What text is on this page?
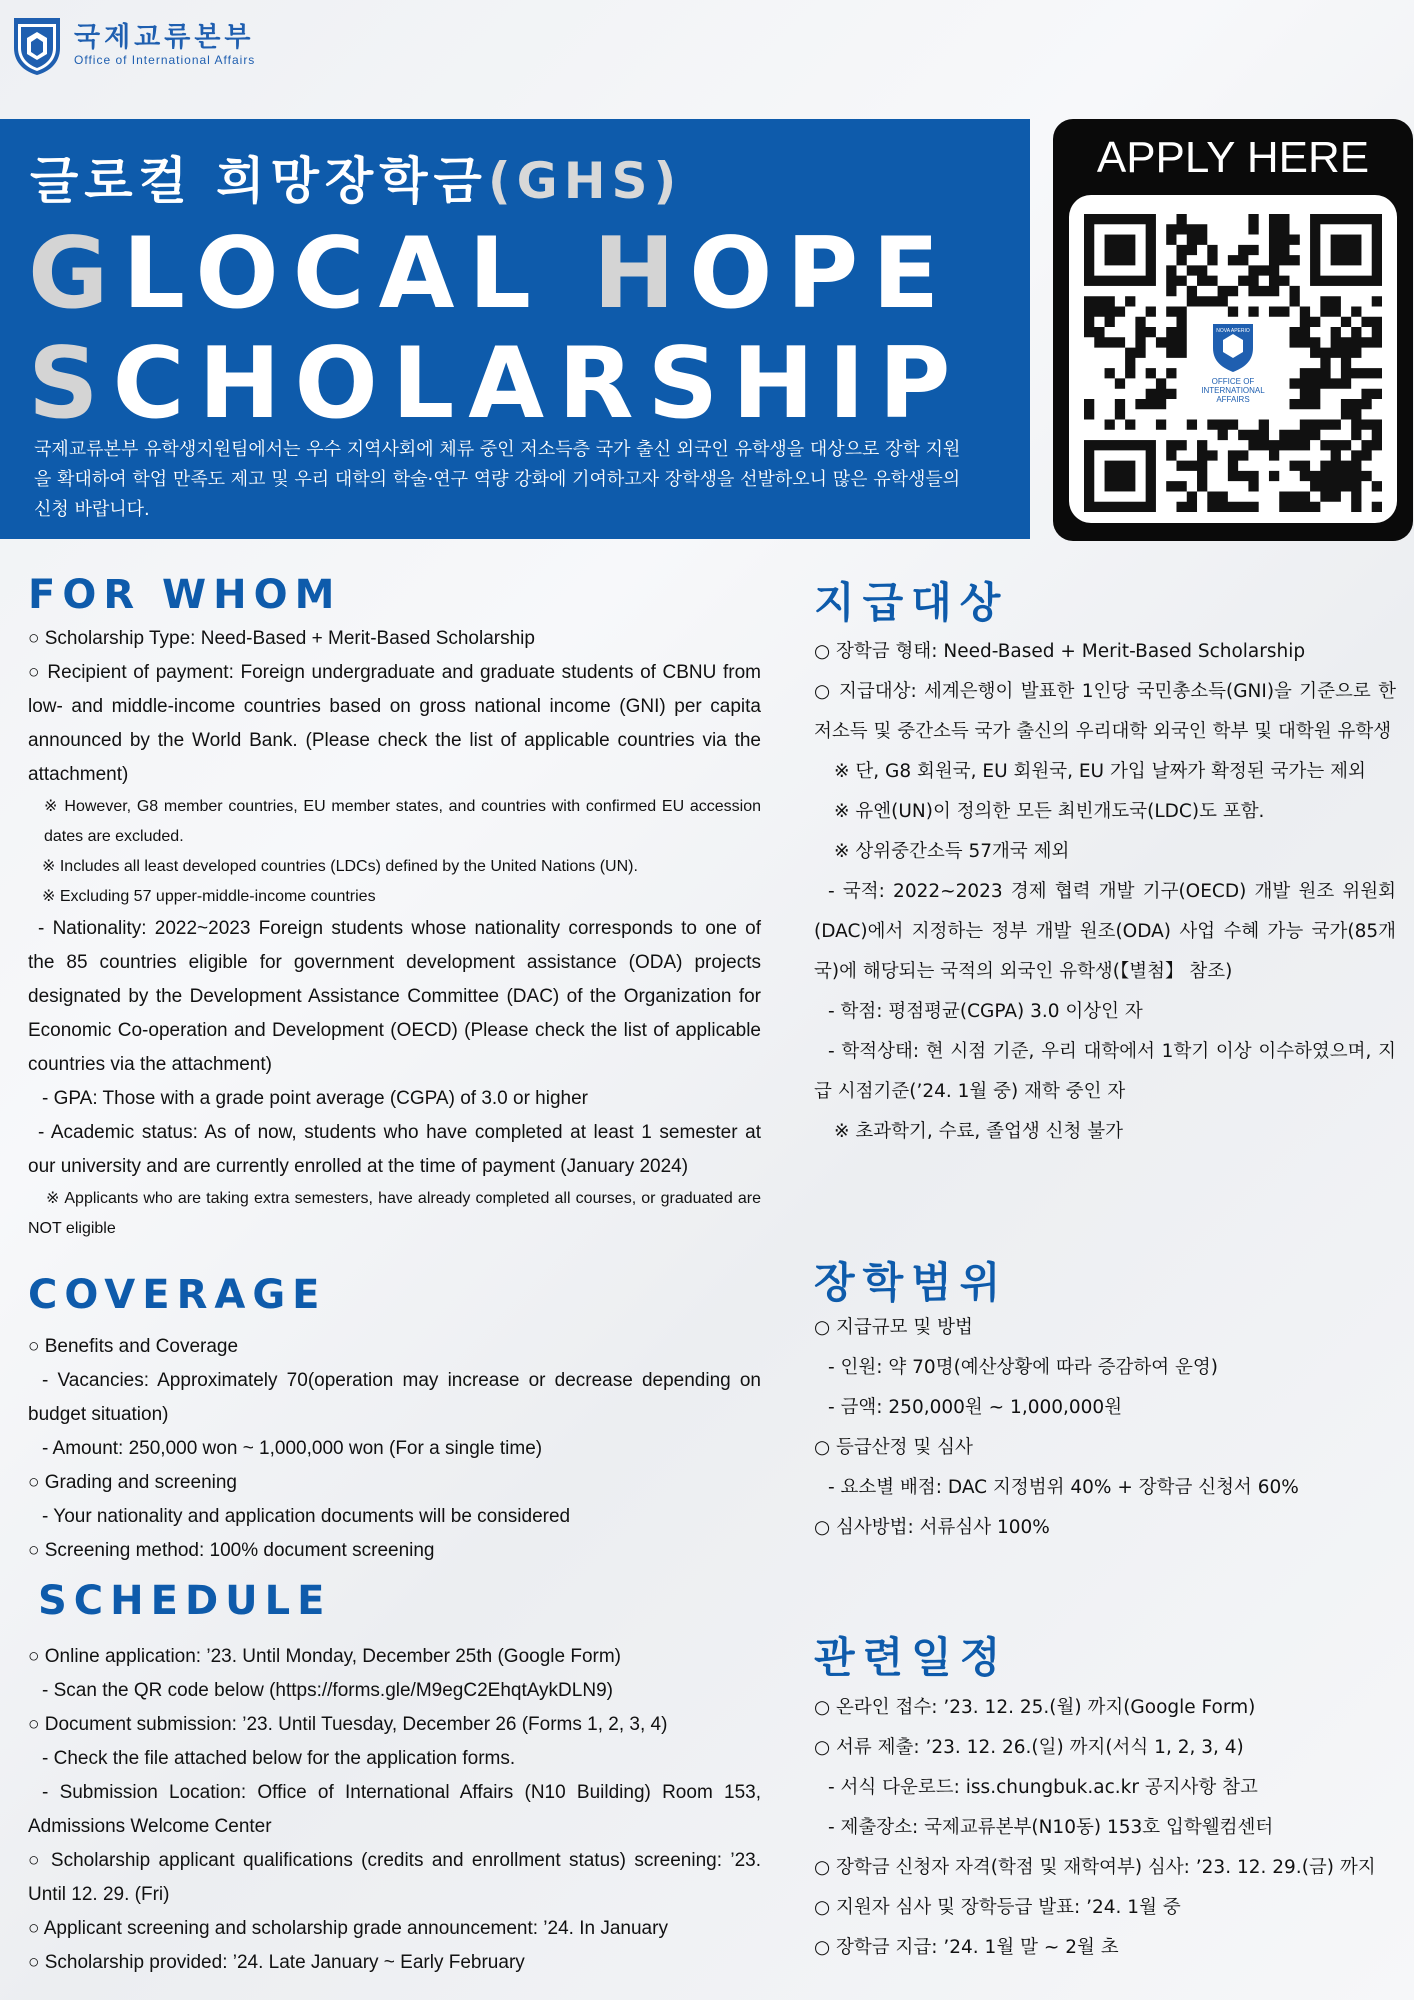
국제교류본부
Office of International Affairs
글로컬 희망장학금(GHS)
GLOCAL HOPE
SCHOLARSHIP
국제교류본부 유학생지원팀에서는 우수 지역사회에 체류 중인 저소득층 국가 출신 외국인 유학생을 대상으로 장학 지원을 확대하여 학업 만족도 제고 및 우리 대학의 학술·연구 역량 강화에 기여하고자 장학생을 선발하오니 많은 유학생들의 신청 바랍니다.
APPLY HERE
NOVA APERIO
OFFICE OF
INTERNATIONAL
AFFAIRS
FOR WHOM

○ Scholarship Type: Need-Based + Merit-Based Scholarship

○ Recipient of payment: Foreign undergraduate and graduate students of CBNU from low- and middle-income countries based on gross national income (GNI) per capita announced by the World Bank. (Please check the list of applicable countries via the attachment)

※ However, G8 member countries, EU member states, and countries with confirmed EU accession dates are excluded.

※ Includes all least developed countries (LDCs) defined by the United Nations (UN).

※ Excluding 57 upper-middle-income countries

- Nationality: 2022~2023 Foreign students whose nationality corresponds to one of the 85 countries eligible for government development assistance (ODA) projects designated by the Development Assistance Committee (DAC) of the Organization for Economic Co-operation and Development (OECD) (Please check the list of applicable countries via the attachment)

- GPA: Those with a grade point average (CGPA) of 3.0 or higher

- Academic status: As of now, students who have completed at least 1 semester at our university and are currently enrolled at the time of payment (January 2024)

※ Applicants who are taking extra semesters, have already completed all courses, or graduated are NOT eligible

COVERAGE

○ Benefits and Coverage

- Vacancies: Approximately 70(operation may increase or decrease depending on budget situation)

- Amount: 250,000 won ~ 1,000,000 won (For a single time)

○ Grading and screening

- Your nationality and application documents will be considered

○ Screening method: 100% document screening

SCHEDULE

○ Online application: ’23. Until Monday, December 25th (Google Form)

- Scan the QR code below (https://forms.gle/M9egC2EhqtAykDLN9)

○ Document submission: ’23. Until Tuesday, December 26 (Forms 1, 2, 3, 4)

- Check the file attached below for the application forms.

- Submission Location: Office of International Affairs (N10 Building) Room 153, Admissions Welcome Center

○ Scholarship applicant qualifications (credits and enrollment status) screening: ’23. Until 12. 29. (Fri)

○ Applicant screening and scholarship grade announcement: ’24. In January

○ Scholarship provided: ’24. Late January ~ Early February

지급대상

○ 장학금 형태: Need-Based + Merit-Based Scholarship

○ 지급대상: 세계은행이 발표한 1인당 국민총소득(GNI)을 기준으로 한 저소득 및 중간소득 국가 출신의 우리대학 외국인 학부 및 대학원 유학생

※ 단, G8 회원국, EU 회원국, EU 가입 날짜가 확정된 국가는 제외

※ 유엔(UN)이 정의한 모든 최빈개도국(LDC)도 포함.

※ 상위중간소득 57개국 제외

- 국적: 2022~2023 경제 협력 개발 기구(OECD) 개발 원조 위원회(DAC)에서 지정하는 정부 개발 원조(ODA) 사업 수혜 가능 국가(85개국)에 해당되는 국적의 외국인 유학생(【별첨】 참조)

- 학점: 평점평균(CGPA) 3.0 이상인 자

- 학적상태: 현 시점 기준, 우리 대학에서 1학기 이상 이수하였으며, 지급 시점기준(’24. 1월 중) 재학 중인 자

※ 초과학기, 수료, 졸업생 신청 불가

장학범위

○ 지급규모 및 방법

- 인원: 약 70명(예산상황에 따라 증감하여 운영)

- 금액: 250,000원 ~ 1,000,000원

○ 등급산정 및 심사

- 요소별 배점: DAC 지정범위 40% + 장학금 신청서 60%

○ 심사방법: 서류심사 100%

관련일정

○ 온라인 접수: ’23. 12. 25.(월) 까지(Google Form)

○ 서류 제출: ’23. 12. 26.(일) 까지(서식 1, 2, 3, 4)

- 서식 다운로드: iss.chungbuk.ac.kr 공지사항 참고

- 제출장소: 국제교류본부(N10동) 153호 입학웰컴센터

○ 장학금 신청자 자격(학점 및 재학여부) 심사: ’23. 12. 29.(금) 까지

○ 지원자 심사 및 장학등급 발표: ’24. 1월 중

○ 장학금 지급: ’24. 1월 말 ~ 2월 초
